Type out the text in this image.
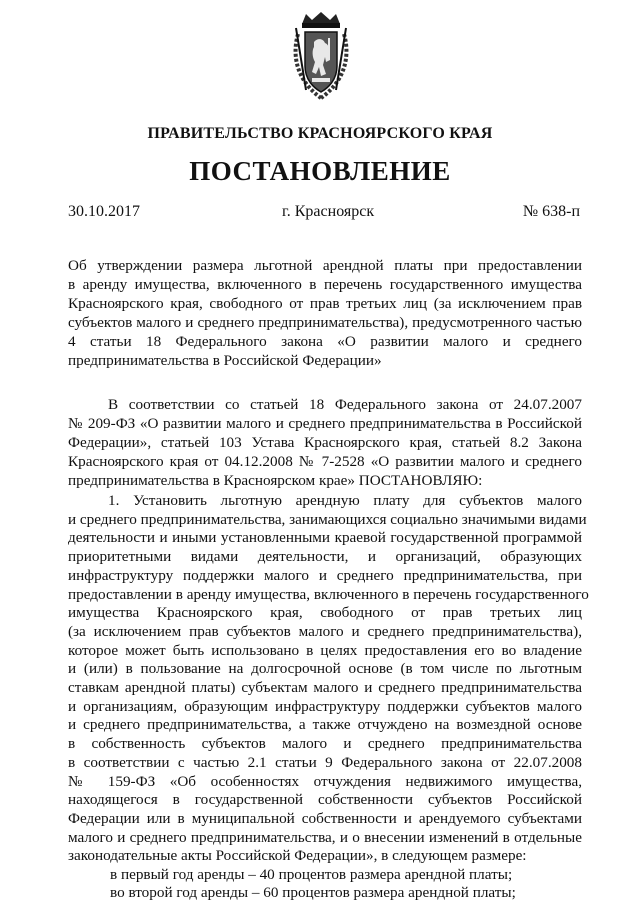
ПРАВИТЕЛЬСТВО КРАСНОЯРСКОГО КРАЯ
ПОСТАНОВЛЕНИЕ
30.10.2017	г. Красноярск	№ 638-п
Об утверждении размера льготной арендной платы при предоставлении
в аренду имущества, включенного в перечень государственного имущества
Красноярского края, свободного от прав третьих лиц (за исключением прав
субъектов малого и среднего предпринимательства), предусмотренного частью
4 статьи 18 Федерального закона «О развитии малого и среднего
предпринимательства в Российской Федерации»
В соответствии со статьей 18 Федерального закона от 24.07.2007
№ 209-ФЗ «О развитии малого и среднего предпринимательства в Российской
Федерации», статьей 103 Устава Красноярского края, статьей 8.2 Закона
Красноярского края от 04.12.2008 № 7-2528 «О развитии малого и среднего
предпринимательства в Красноярском крае» ПОСТАНОВЛЯЮ:
1. Установить льготную арендную плату для субъектов малого
и среднего предпринимательства, занимающихся социально значимыми видами
деятельности и иными установленными краевой государственной программой
приоритетными видами деятельности, и организаций, образующих
инфраструктуру поддержки малого и среднего предпринимательства, при
предоставлении в аренду имущества, включенного в перечень государственного
имущества Красноярского края, свободного от прав третьих лиц
(за исключением прав субъектов малого и среднего предпринимательства),
которое может быть использовано в целях предоставления его во владение
и (или) в пользование на долгосрочной основе (в том числе по льготным
ставкам арендной платы) субъектам малого и среднего предпринимательства
и организациям, образующим инфраструктуру поддержки субъектов малого
и среднего предпринимательства, а также отчуждено на возмездной основе
в собственность субъектов малого и среднего предпринимательства
в соответствии с частью 2.1 статьи 9 Федерального закона от 22.07.2008
№ 159-ФЗ «Об особенностях отчуждения недвижимого имущества,
находящегося в государственной собственности субъектов Российской
Федерации или в муниципальной собственности и арендуемого субъектами
малого и среднего предпринимательства, и о внесении изменений в отдельные
законодательные акты Российской Федерации», в следующем размере:
в первый год аренды – 40 процентов размера арендной платы;
во второй год аренды – 60 процентов размера арендной платы;
